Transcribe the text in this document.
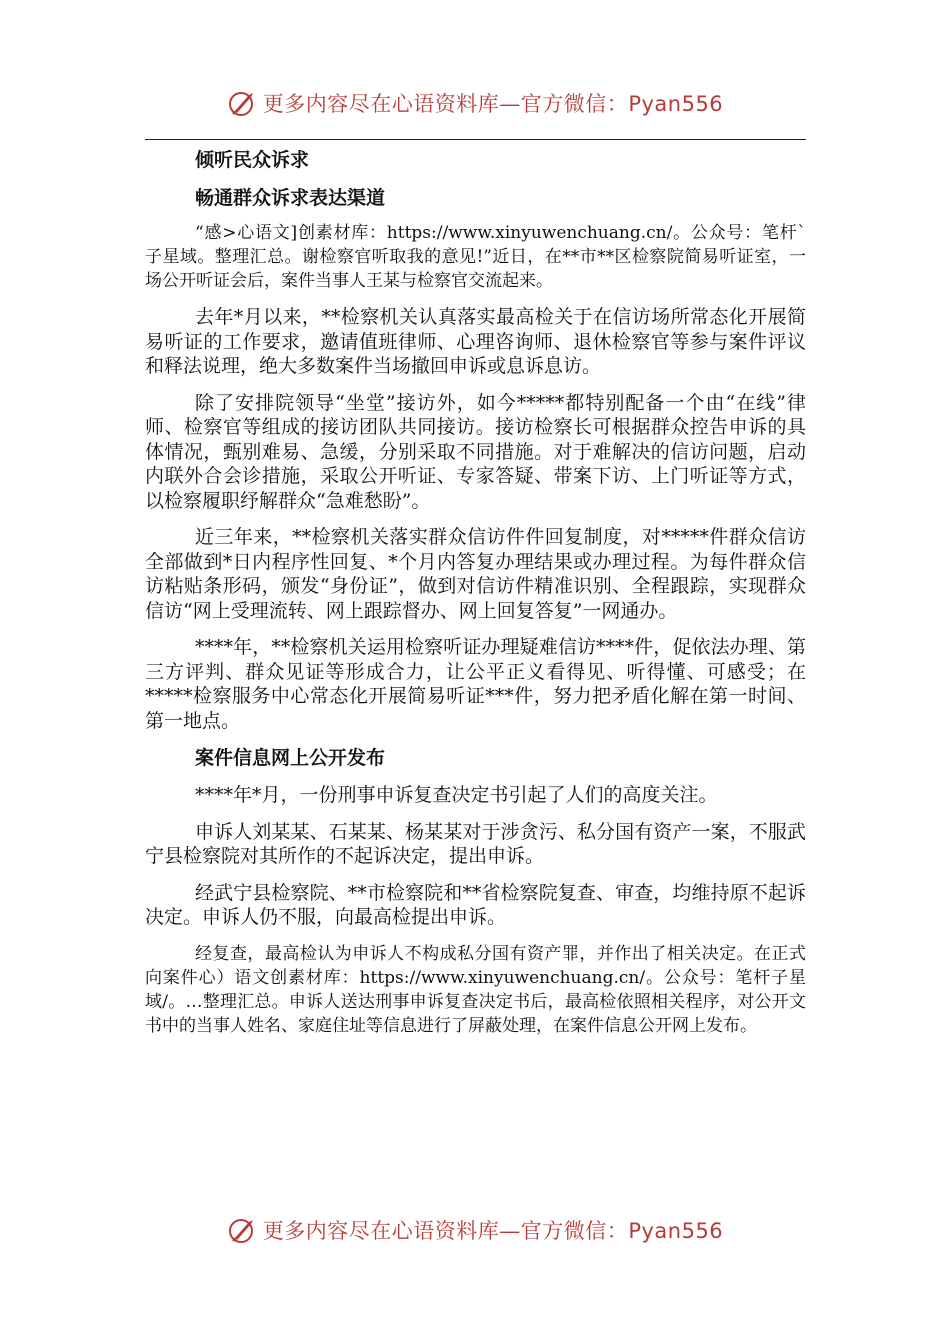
更多内容尽在心语资料库—官方微信：Pyan556

倾听民众诉求

畅通群众诉求表达渠道

“感>心语文]创素材库：https://www.xinyuwenchuang.cn/。公众号：笔杆`子星域。整理汇总。谢检察官听取我的意见!”近日，在**市**区检察院简易听证室，一场公开听证会后，案件当事人王某与检察官交流起来。

去年*月以来，**检察机关认真落实最高检关于在信访场所常态化开展简易听证的工作要求，邀请值班律师、心理咨询师、退休检察官等参与案件评议和释法说理，绝大多数案件当场撤回申诉或息诉息访。

除了安排院领导“坐堂”接访外，如今*****都特别配备一个由“在线”律师、检察官等组成的接访团队共同接访。接访检察长可根据群众控告申诉的具体情况，甄别难易、急缓，分别采取不同措施。对于难解决的信访问题，启动内联外合会诊措施，采取公开听证、专家答疑、带案下访、上门听证等方式，以检察履职纾解群众“急难愁盼”。

近三年来，**检察机关落实群众信访件件回复制度，对*****件群众信访全部做到*日内程序性回复、*个月内答复办理结果或办理过程。为每件群众信访粘贴条形码，颁发“身份证”，做到对信访件精准识别、全程跟踪，实现群众信访“网上受理流转、网上跟踪督办、网上回复答复”一网通办。

****年，**检察机关运用检察听证办理疑难信访****件，促依法办理、第三方评判、群众见证等形成合力，让公平正义看得见、听得懂、可感受；在*****检察服务中心常态化开展简易听证***件，努力把矛盾化解在第一时间、第一地点。

案件信息网上公开发布

****年*月，一份刑事申诉复查决定书引起了人们的高度关注。

申诉人刘某某、石某某、杨某某对于涉贪污、私分国有资产一案，不服武宁县检察院对其所作的不起诉决定，提出申诉。

经武宁县检察院、**市检察院和**省检察院复查、审查，均维持原不起诉决定。申诉人仍不服，向最高检提出申诉。

经复查，最高检认为申诉人不构成私分国有资产罪，并作出了相关决定。在正式向案件心）语文创素材库：https://www.xinyuwenchuang.cn/。公众号：笔杆子星域/。…整理汇总。申诉人送达刑事申诉复查决定书后，最高检依照相关程序，对公开文书中的当事人姓名、家庭住址等信息进行了屏蔽处理，在案件信息公开网上发布。

更多内容尽在心语资料库—官方微信：Pyan556
